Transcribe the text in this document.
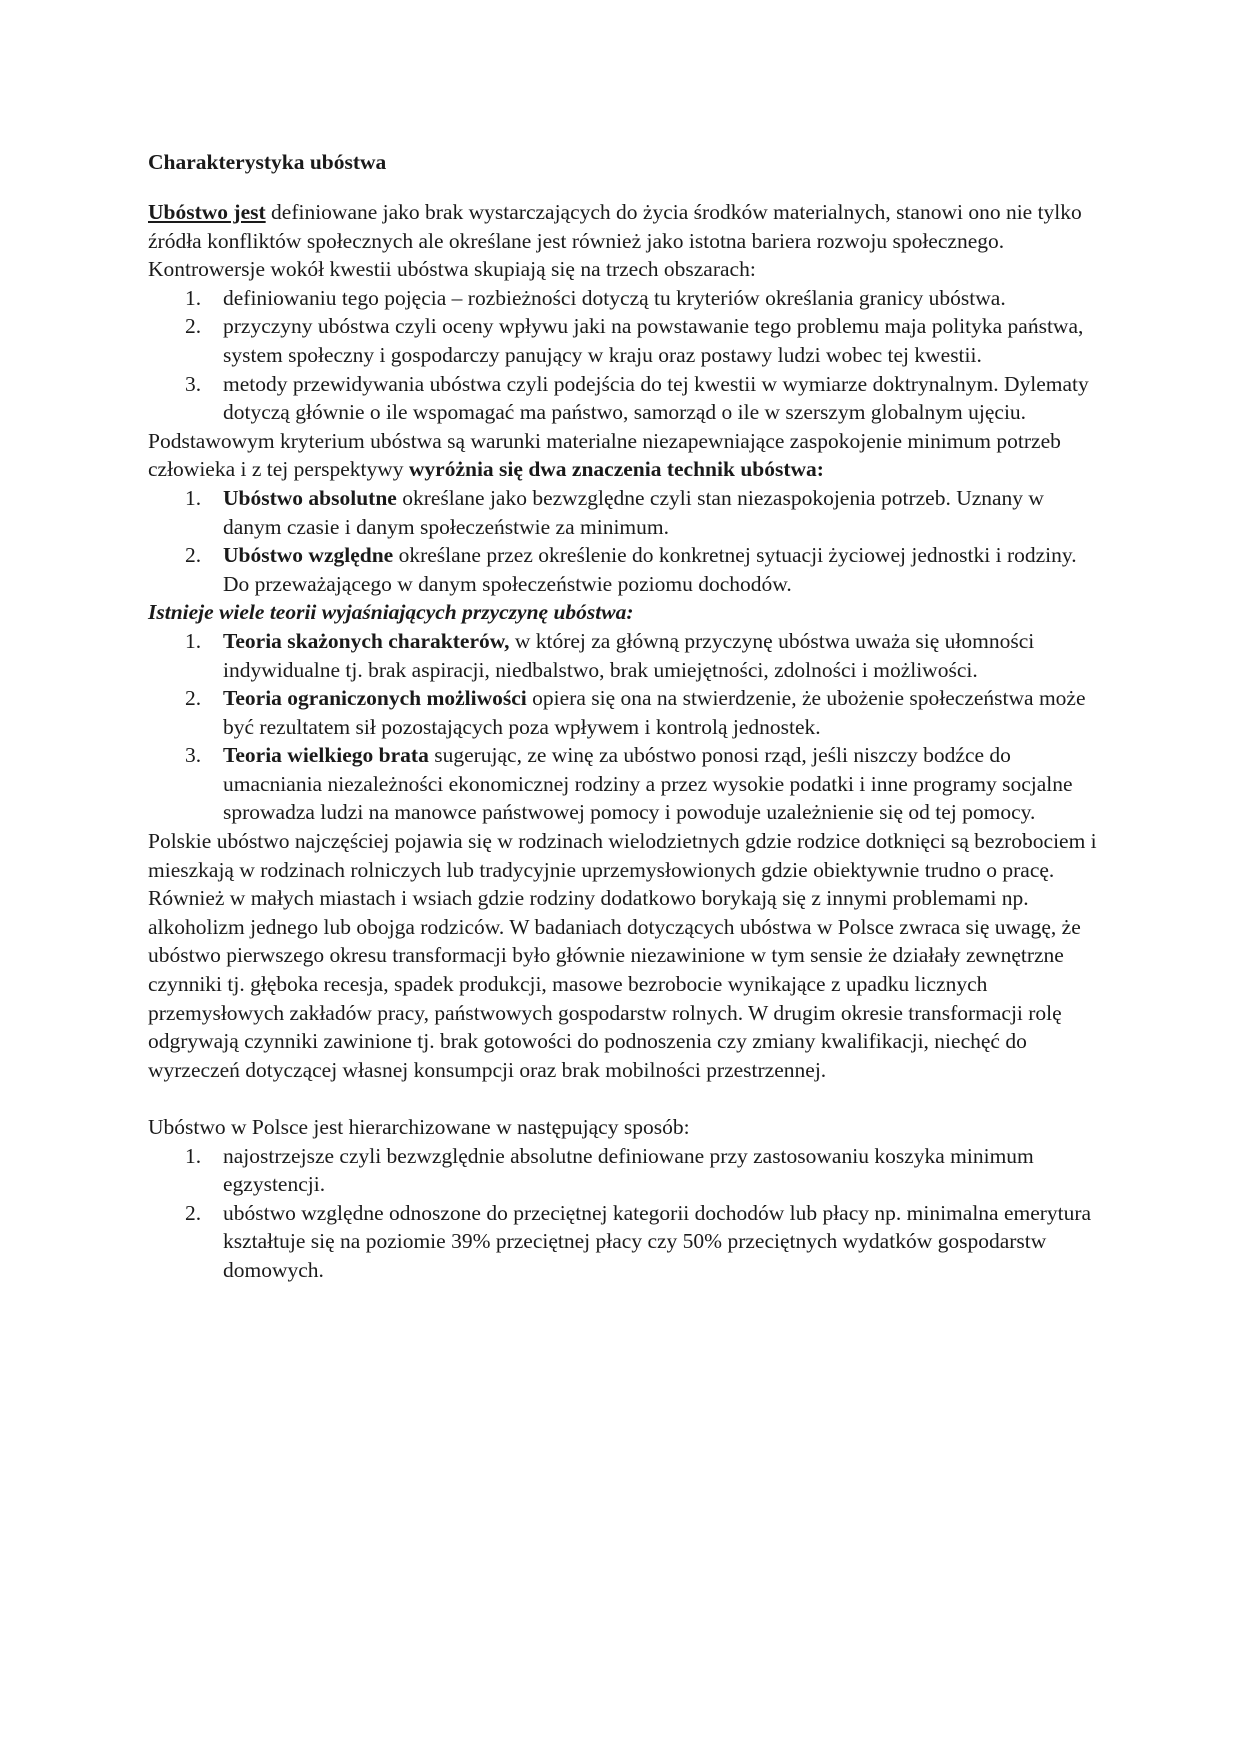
Charakterystyka ubóstwa

Ubóstwo jest definiowane jako brak wystarczających do życia środków materialnych, stanowi ono nie tylko źródła konfliktów społecznych ale określane jest również jako istotna bariera rozwoju społecznego. Kontrowersje wokół kwestii ubóstwa skupiają się na trzech obszarach:

1. definiowaniu tego pojęcia – rozbieżności dotyczą tu kryteriów określania granicy ubóstwa.
2. przyczyny ubóstwa czyli oceny wpływu jaki na powstawanie tego problemu maja polityka państwa, system społeczny i gospodarczy panujący w kraju oraz postawy ludzi wobec tej kwestii.
3. metody przewidywania ubóstwa czyli podejścia do tej kwestii w wymiarze doktrynalnym. Dylematy dotyczą głównie o ile wspomagać ma państwo, samorząd o ile w szerszym globalnym ujęciu.

Podstawowym kryterium ubóstwa są warunki materialne niezapewniające zaspokojenie minimum potrzeb człowieka i z tej perspektywy wyróżnia się dwa znaczenia technik ubóstwa:

1. Ubóstwo absolutne określane jako bezwzględne czyli stan niezaspokojenia potrzeb. Uznany w danym czasie i danym społeczeństwie za minimum.
2. Ubóstwo względne określane przez określenie do konkretnej sytuacji życiowej jednostki i rodziny. Do przeważającego w danym społeczeństwie poziomu dochodów.

Istnieje wiele teorii wyjaśniających przyczynę ubóstwa:

1. Teoria skażonych charakterów, w której za główną przyczynę ubóstwa uważa się ułomności indywidualne tj. brak aspiracji, niedbalstwo, brak umiejętności, zdolności i możliwości.
2. Teoria ograniczonych możliwości opiera się ona na stwierdzenie, że ubożenie społeczeństwa może być rezultatem sił pozostających poza wpływem i kontrolą jednostek.
3. Teoria wielkiego brata sugerując, ze winę za ubóstwo ponosi rząd, jeśli niszczy bodźce do umacniania niezależności ekonomicznej rodziny a przez wysokie podatki i inne programy socjalne sprowadza ludzi na manowce państwowej pomocy i powoduje uzależnienie się od tej pomocy.

Polskie ubóstwo najczęściej pojawia się w rodzinach wielodzietnych gdzie rodzice dotknięci są bezrobociem i mieszkają w rodzinach rolniczych lub tradycyjnie uprzemysłowionych gdzie obiektywnie trudno o pracę. Również w małych miastach i wsiach gdzie rodziny dodatkowo borykają się z innymi problemami np. alkoholizm jednego lub obojga rodziców. W badaniach dotyczących ubóstwa w Polsce zwraca się uwagę, że ubóstwo pierwszego okresu transformacji było głównie niezawinione w tym sensie że działały zewnętrzne czynniki tj. głęboka recesja, spadek produkcji, masowe bezrobocie wynikające z upadku licznych przemysłowych zakładów pracy, państwowych gospodarstw rolnych. W drugim okresie transformacji rolę odgrywają czynniki zawinione tj. brak gotowości do podnoszenia czy zmiany kwalifikacji, niechęć do wyrzeczeń dotyczącej własnej konsumpcji oraz brak mobilności przestrzennej.

Ubóstwo w Polsce jest hierarchizowane w następujący sposób:

1. najostrzejsze czyli bezwzględnie absolutne definiowane przy zastosowaniu koszyka minimum egzystencji.
2. ubóstwo względne odnoszone do przeciętnej kategorii dochodów lub płacy np. minimalna emerytura kształtuje się na poziomie 39% przeciętnej płacy czy 50% przeciętnych wydatków gospodarstw domowych.
